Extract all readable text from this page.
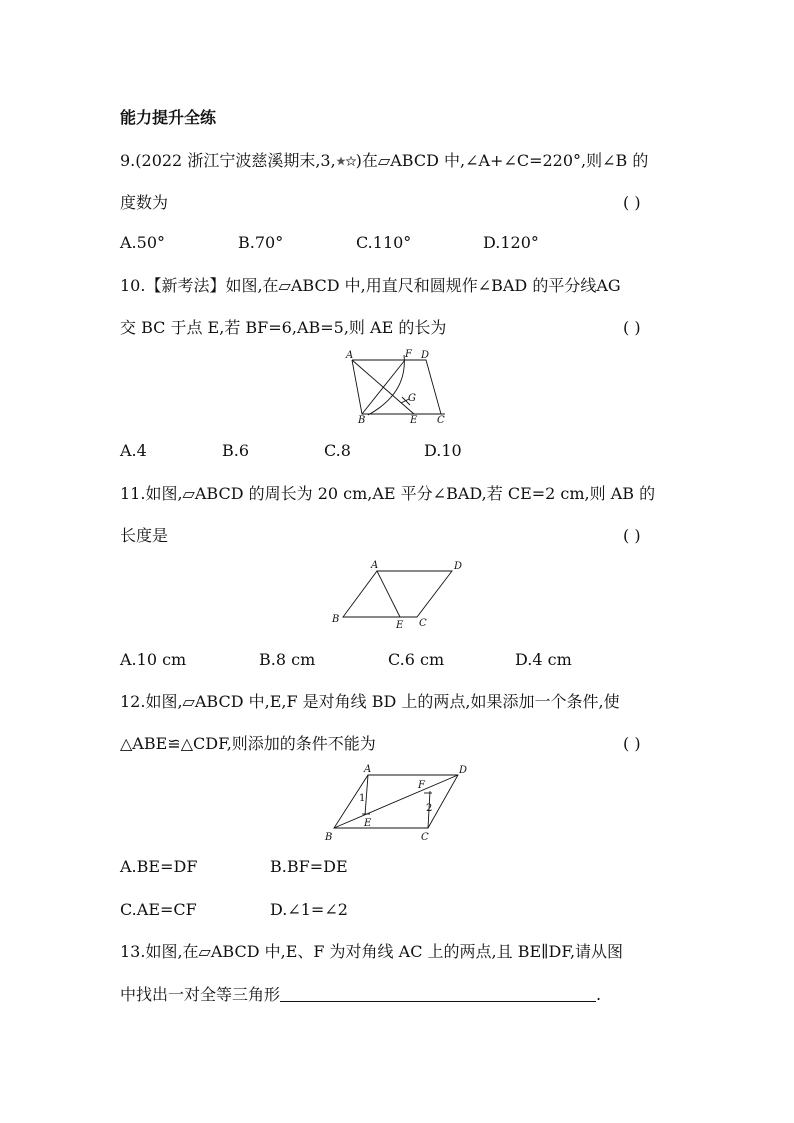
能力提升全练
9.(2022 浙江宁波慈溪期末,3, )在▱ABCD 中,∠A+∠C=220°,则∠B 的
度数为	( )
A.50°	B.70°	C.110°	D.120°
10.【新考法】如图,在▱ABCD 中,用直尺和圆规作∠BAD 的平分线AG
交 BC 于点 E,若 BF=6,AB=5,则 AE 的长为	( )
A	F D
G
B	E C
A.4	B.6	C.8	D.10
11.如图,▱ABCD 的周长为 20 cm,AE 平分∠BAD,若 CE=2 cm,则 AB 的
长度是	( )
A	D
B
E C
A.10 cm	B.8 cm	C.6 cm	D.4 cm
12.如图,▱ABCD 中,E,F 是对角线 BD 上的两点,如果添加一个条件,使
△ABE≌△CDF,则添加的条件不能为	( )
A	D
F
1
2
E
B	C
A.BE=DF	B.BF=DE
C.AE=CF	D.∠1=∠2
13.如图,在▱ABCD 中,E、F 为对角线 AC 上的两点,且 BE∥DF,请从图
中找出一对全等三角形	.
